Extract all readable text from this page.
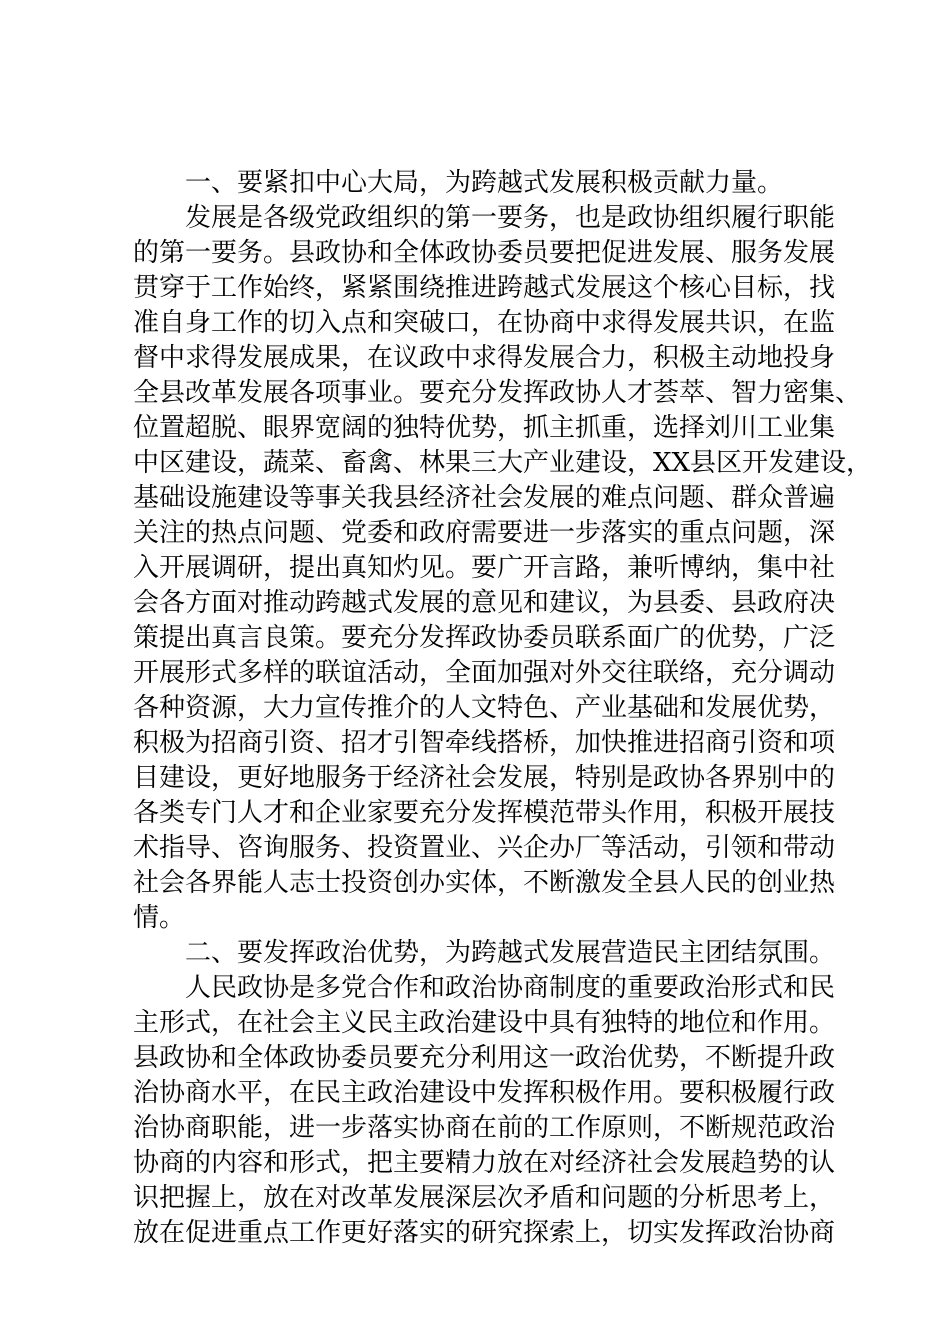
　　一、要紧扣中心大局，为跨越式发展积极贡献力量。
　　发展是各级党政组织的第一要务，也是政协组织履行职能
的第一要务。县政协和全体政协委员要把促进发展、服务发展
贯穿于工作始终，紧紧围绕推进跨越式发展这个核心目标，找
准自身工作的切入点和突破口，在协商中求得发展共识，在监
督中求得发展成果，在议政中求得发展合力，积极主动地投身
全县改革发展各项事业。要充分发挥政协人才荟萃、智力密集、
位置超脱、眼界宽阔的独特优势，抓主抓重，选择刘川工业集
中区建设，蔬菜、畜禽、林果三大产业建设，XX县区开发建设，
基础设施建设等事关我县经济社会发展的难点问题、群众普遍
关注的热点问题、党委和政府需要进一步落实的重点问题，深
入开展调研，提出真知灼见。要广开言路，兼听博纳，集中社
会各方面对推动跨越式发展的意见和建议，为县委、县政府决
策提出真言良策。要充分发挥政协委员联系面广的优势，广泛
开展形式多样的联谊活动，全面加强对外交往联络，充分调动
各种资源，大力宣传推介的人文特色、产业基础和发展优势，
积极为招商引资、招才引智牵线搭桥，加快推进招商引资和项
目建设，更好地服务于经济社会发展，特别是政协各界别中的
各类专门人才和企业家要充分发挥模范带头作用，积极开展技
术指导、咨询服务、投资置业、兴企办厂等活动，引领和带动
社会各界能人志士投资创办实体，不断激发全县人民的创业热
情。
　　二、要发挥政治优势，为跨越式发展营造民主团结氛围。
　　人民政协是多党合作和政治协商制度的重要政治形式和民
主形式，在社会主义民主政治建设中具有独特的地位和作用。
县政协和全体政协委员要充分利用这一政治优势，不断提升政
治协商水平，在民主政治建设中发挥积极作用。要积极履行政
治协商职能，进一步落实协商在前的工作原则，不断规范政治
协商的内容和形式，把主要精力放在对经济社会发展趋势的认
识把握上，放在对改革发展深层次矛盾和问题的分析思考上，
放在促进重点工作更好落实的研究探索上，切实发挥政治协商
